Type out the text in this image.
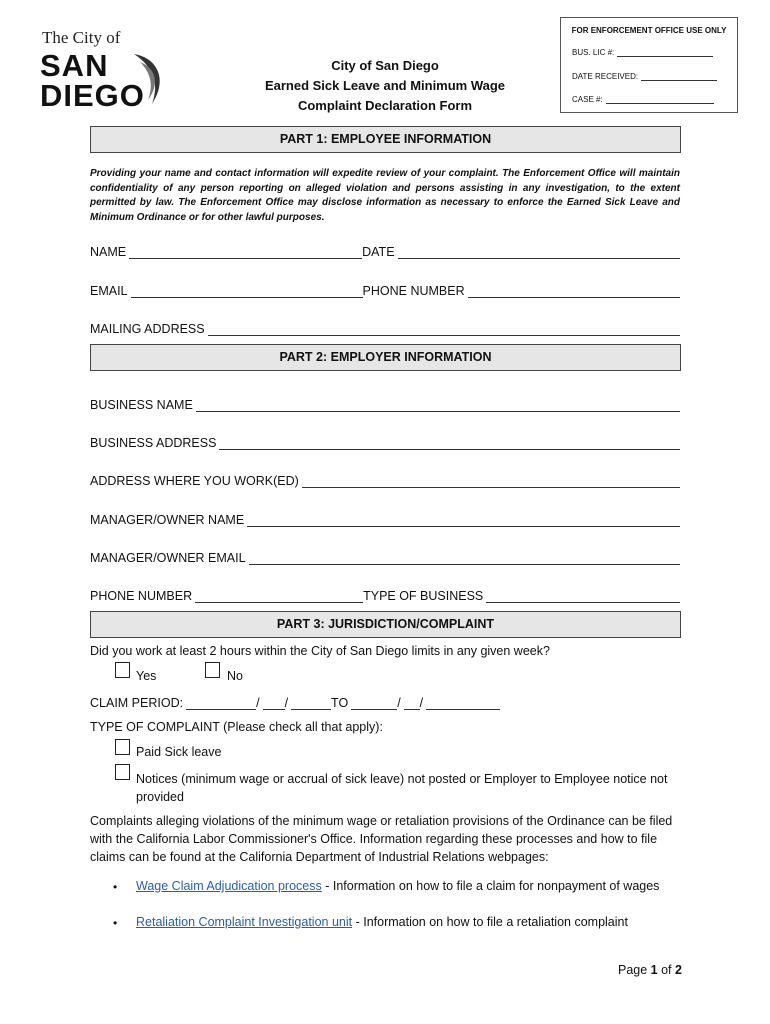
The City of
SAN
DIEGO
City of San Diego
Earned Sick Leave and Minimum Wage
Complaint Declaration Form
FOR ENFORCEMENT OFFICE USE ONLY
BUS. LIC #:
DATE RECEIVED:
CASE #:
PART 1: EMPLOYEE INFORMATION
Providing your name and contact information will expedite review of your complaint. The Enforcement Office will maintain confidentiality of any person reporting on alleged violation and persons assisting in any investigation, to the extent permitted by law. The Enforcement Office may disclose information as necessary to enforce the Earned Sick Leave and Minimum Ordinance or for other lawful purposes.
NAME	DATE
EMAIL	PHONE NUMBER
MAILING ADDRESS
PART 2: EMPLOYER INFORMATION
BUSINESS NAME
BUSINESS ADDRESS
ADDRESS WHERE YOU WORK(ED)
MANAGER/OWNER NAME
MANAGER/OWNER EMAIL
PHONE NUMBER	TYPE OF BUSINESS
PART 3: JURISDICTION/COMPLAINT
Did you work at least 2 hours within the City of San Diego limits in any given week?
Yes	No
CLAIM PERIOD:	/ /	TO	/ /
TYPE OF COMPLAINT (Please check all that apply):
Paid Sick leave
Notices (minimum wage or accrual of sick leave) not posted or Employer to Employee notice not provided
Complaints alleging violations of the minimum wage or retaliation provisions of the Ordinance can be filed with the California Labor Commissioner's Office. Information regarding these processes and how to file claims can be found at the California Department of Industrial Relations webpages:
• Wage Claim Adjudication process - Information on how to file a claim for nonpayment of wages
• Retaliation Complaint Investigation unit - Information on how to file a retaliation complaint
Page 1 of 2
